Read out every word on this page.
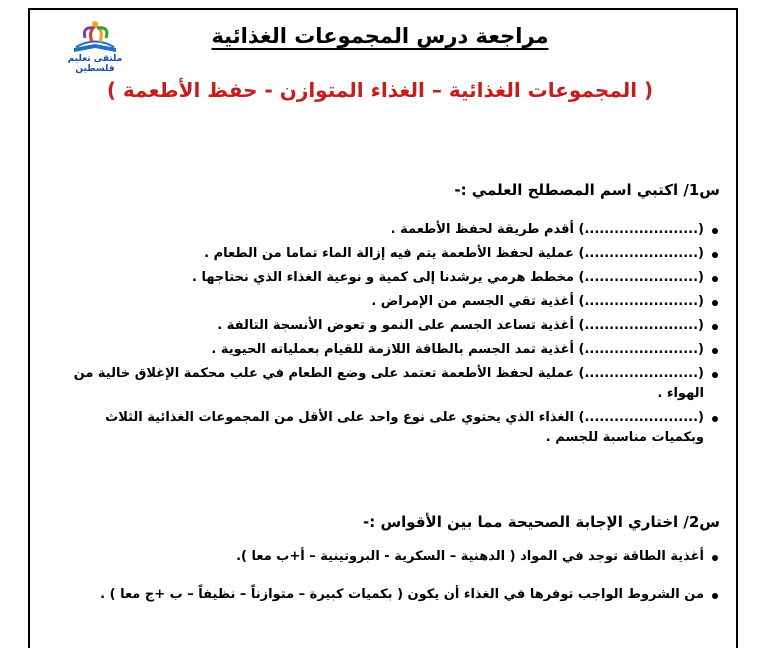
ملتقى تعليم فلسطين
مراجعة درس المجموعات الغذائية
( المجموعات الغذائية – الغذاء المتوازن - حفظ الأطعمة )
س1/ اكتبي اسم المصطلح العلمي :-
(.......................) أقدم طريقة لحفظ الأطعمة .
(.......................) عملية لحفظ الأطعمة يتم فيه إزالة الماء تماما من الطعام .
(.......................) مخطط هرمي يرشدنا إلى كمية و نوعية الغذاء الذي نحتاجها .
(.......................) أغذية تقي الجسم من الإمراض .
(.......................) أغذية تساعد الجسم على النمو و تعوض الأنسجة التالفة .
(.......................) أغذية تمد الجسم بالطاقة اللازمة للقيام بعملياته الحيوية .
(.......................) عملية لحفظ الأطعمة تعتمد على وضع الطعام في علب محكمة الإغلاق خالية من الهواء .
(.......................) الغذاء الذي يحتوي على نوع واحد على الأقل من المجموعات الغذائية الثلاث وبكميات مناسبة للجسم .
س2/ اختاري الإجابة الصحيحة مما بين الأقواس :-
أغذية الطاقة توجد في المواد ( الدهنية – السكرية - البروتينية – أ+ب معا ).
من الشروط الواجب توفرها في الغذاء أن يكون ( بكميات كبيرة – متوازناً – نظيفاً – ب +ج معا ) .
